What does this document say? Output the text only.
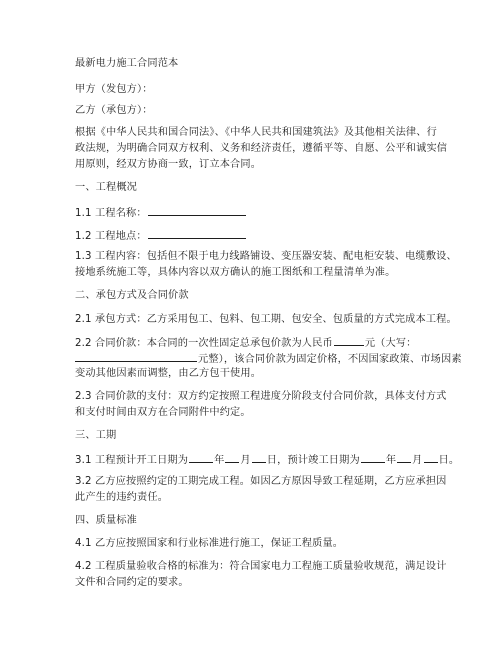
最新电力施工合同范本
甲方（发包方）：
乙方（承包方）：
根据《中华人民共和国合同法》、《中华人民共和国建筑法》及其他相关法律、行
政法规，为明确合同双方权利、义务和经济责任，遵循平等、自愿、公平和诚实信
用原则，经双方协商一致，订立本合同。
一、工程概况
1.1 工程名称：
1.2 工程地点：
1.3 工程内容：包括但不限于电力线路铺设、变压器安装、配电柜安装、电缆敷设、
接地系统施工等，具体内容以双方确认的施工图纸和工程量清单为准。
二、承包方式及合同价款
2.1 承包方式：乙方采用包工、包料、包工期、包安全、包质量的方式完成本工程。
2.2 合同价款：本合同的一次性固定总承包价款为人民币	元（大写：
元整），该合同价款为固定价格，不因国家政策、市场因素
变动其他因素而调整，由乙方包干使用。
2.3 合同价款的支付：双方约定按照工程进度分阶段支付合同价款，具体支付方式
和支付时间由双方在合同附件中约定。
三、工期
3.1 工程预计开工日期为	年 月 日，预计竣工日期为	年 月 日。
3.2 乙方应按照约定的工期完成工程。如因乙方原因导致工程延期，乙方应承担因
此产生的违约责任。
四、质量标准
4.1 乙方应按照国家和行业标准进行施工，保证工程质量。
4.2 工程质量验收合格的标准为：符合国家电力工程施工质量验收规范，满足设计
文件和合同约定的要求。
